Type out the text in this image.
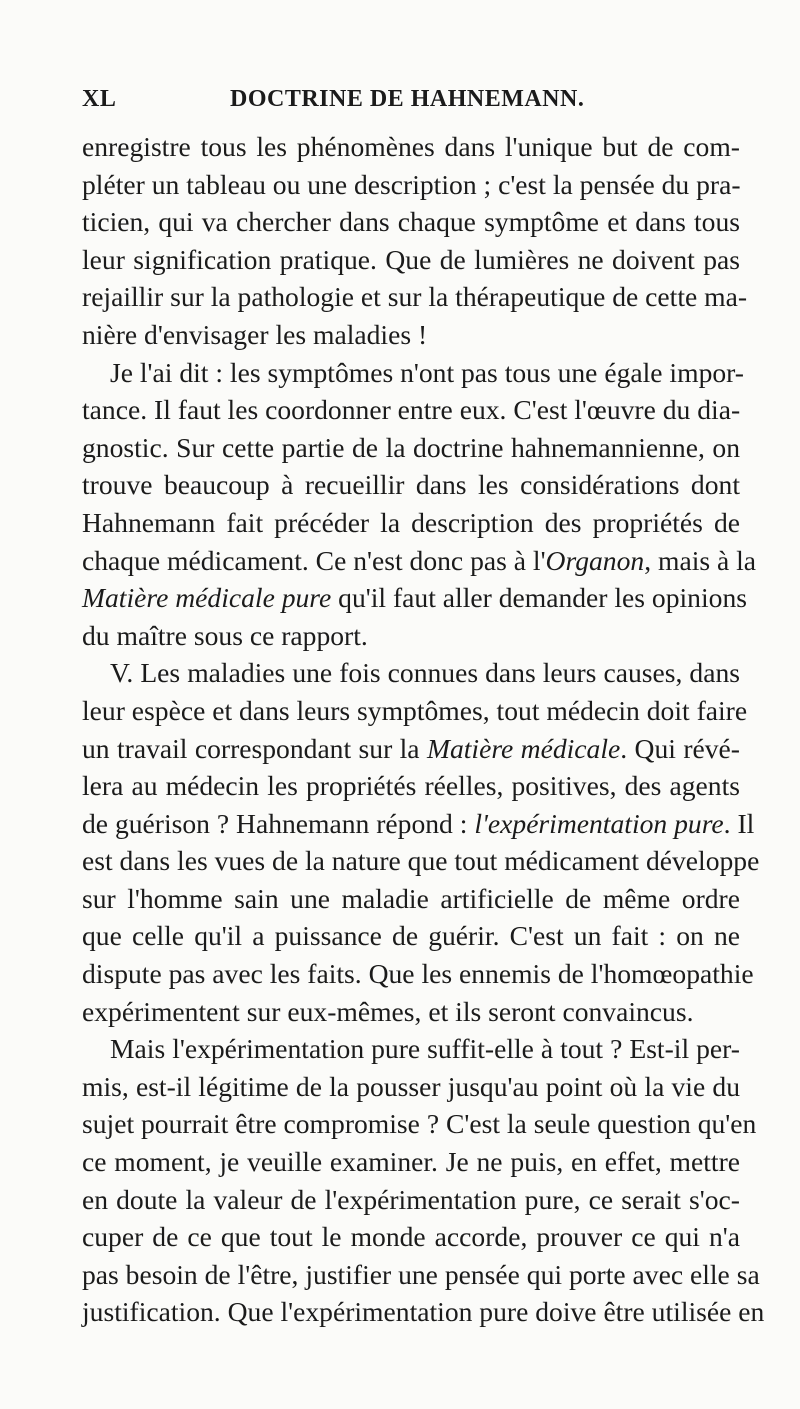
XL	DOCTRINE DE HAHNEMANN.
enregistre tous les phénomènes dans l'unique but de com-
pléter un tableau ou une description ; c'est la pensée du pra-
ticien, qui va chercher dans chaque symptôme et dans tous
leur signification pratique. Que de lumières ne doivent pas
rejaillir sur la pathologie et sur la thérapeutique de cette ma-
nière d'envisager les maladies !
Je l'ai dit : les symptômes n'ont pas tous une égale impor-
tance. Il faut les coordonner entre eux. C'est l'œuvre du dia-
gnostic. Sur cette partie de la doctrine hahnemannienne, on
trouve beaucoup à recueillir dans les considérations dont
Hahnemann fait précéder la description des propriétés de
chaque médicament. Ce n'est donc pas à l'Organon, mais à la
Matière médicale pure qu'il faut aller demander les opinions
du maître sous ce rapport.
V. Les maladies une fois connues dans leurs causes, dans
leur espèce et dans leurs symptômes, tout médecin doit faire
un travail correspondant sur la Matière médicale. Qui révé-
lera au médecin les propriétés réelles, positives, des agents
de guérison ? Hahnemann répond : l'expérimentation pure. Il
est dans les vues de la nature que tout médicament développe
sur l'homme sain une maladie artificielle de même ordre
que celle qu'il a puissance de guérir. C'est un fait : on ne
dispute pas avec les faits. Que les ennemis de l'homœopathie
expérimentent sur eux-mêmes, et ils seront convaincus.
Mais l'expérimentation pure suffit-elle à tout ? Est-il per-
mis, est-il légitime de la pousser jusqu'au point où la vie du
sujet pourrait être compromise ? C'est la seule question qu'en
ce moment, je veuille examiner. Je ne puis, en effet, mettre
en doute la valeur de l'expérimentation pure, ce serait s'oc-
cuper de ce que tout le monde accorde, prouver ce qui n'a
pas besoin de l'être, justifier une pensée qui porte avec elle sa
justification. Que l'expérimentation pure doive être utilisée en
